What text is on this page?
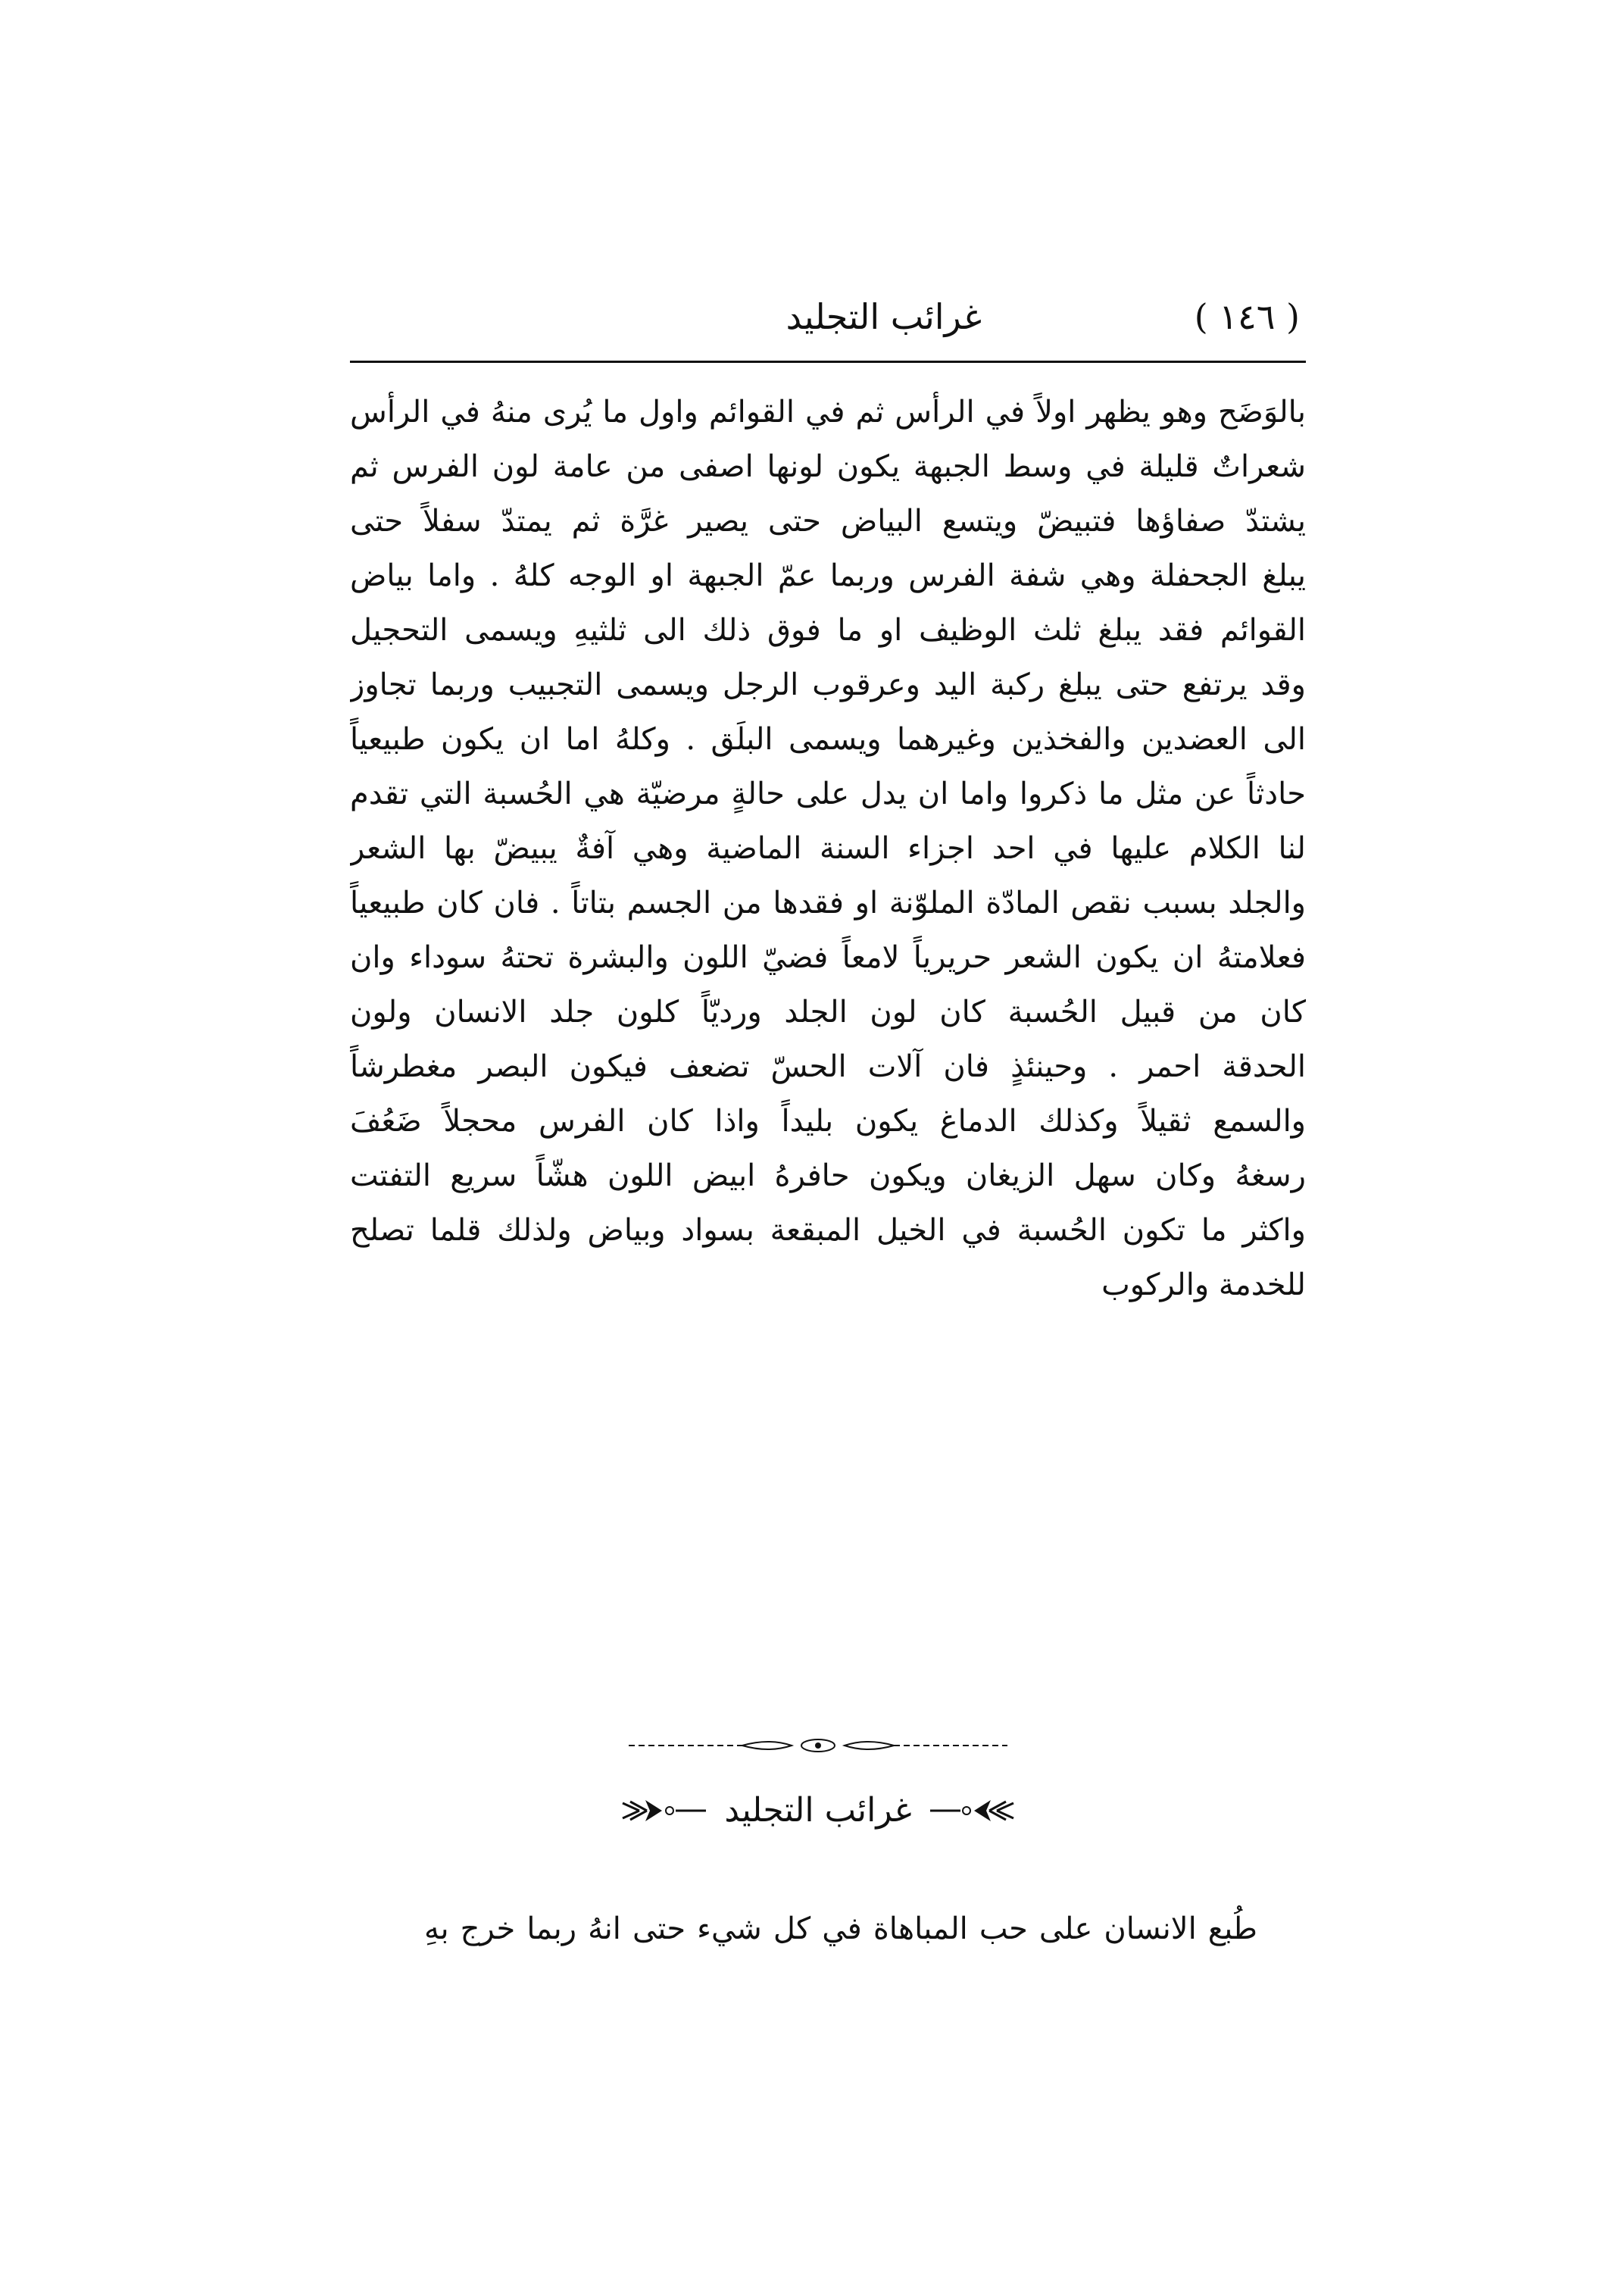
( ١٤٦ )
غرائب التجليد
بالوَضَح وهو يظهر اولاً في الرأس ثم في القوائم واول ما يُرى منهُ في الرأس
شعراتٌ قليلة في وسط الجبهة يكون لونها اصفى من عامة لون الفرس ثم
يشتدّ صفاؤها فتبيضّ ويتسع البياض حتى يصير غرَّة ثم يمتدّ سفلاً حتى
يبلغ الجحفلة وهي شفة الفرس وربما عمّ الجبهة او الوجه كلهُ . واما بياض
القوائم فقد يبلغ ثلث الوظيف او ما فوق ذلك الى ثلثيهِ ويسمى التحجيل
وقد يرتفع حتى يبلغ ركبة اليد وعرقوب الرجل ويسمى التجبيب وربما تجاوز
الى العضدين والفخذين وغيرهما ويسمى البلَق . وكلهُ اما ان يكون طبيعياً
حادثاً عن مثل ما ذكروا واما ان يدل على حالةٍ مرضيّة هي الحُسبة التي تقدم
لنا الكلام عليها في احد اجزاء السنة الماضية وهي آفةٌ يبيضّ بها الشعر
والجلد بسبب نقص المادّة الملوّنة او فقدها من الجسم بتاتاً . فان كان طبيعياً
فعلامتهُ ان يكون الشعر حريرياً لامعاً فضيّ اللون والبشرة تحتهُ سوداء وان
كان من قبيل الحُسبة كان لون الجلد ورديّاً كلون جلد الانسان ولون
الحدقة احمر . وحينئذٍ فان آلات الحسّ تضعف فيكون البصر مغطرشاً
والسمع ثقيلاً وكذلك الدماغ يكون بليداً واذا كان الفرس محجلاً ضَعُفَ
رسغهُ وكان سهل الزيغان ويكون حافرهُ ابيض اللون هشّاً سريع التفتت
واكثر ما تكون الحُسبة في الخيل المبقعة بسواد وبياض ولذلك قلما تصلح
للخدمة والركوب
غرائب التجليد
طُبع الانسان على حب المباهاة في كل شيء حتى انهُ ربما خرج بهِ
